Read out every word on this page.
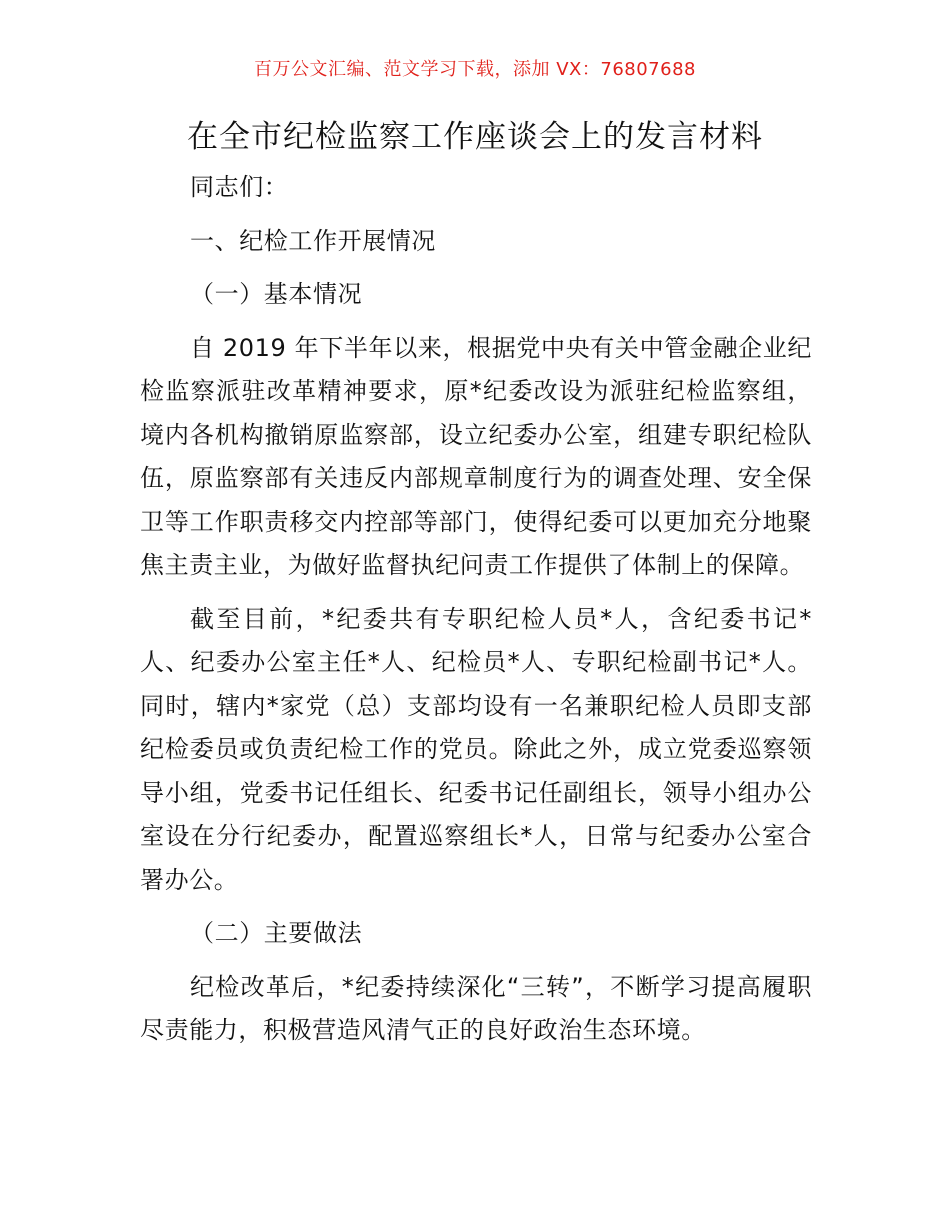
百万公文汇编、范文学习下载，添加 VX：76807688
在全市纪检监察工作座谈会上的发言材料

同志们：

一、纪检工作开展情况

（一）基本情况

自 2019 年下半年以来，根据党中央有关中管金融企业纪检监察派驻改革精神要求，原*纪委改设为派驻纪检监察组，境内各机构撤销原监察部，设立纪委办公室，组建专职纪检队伍，原监察部有关违反内部规章制度行为的调查处理、安全保卫等工作职责移交内控部等部门，使得纪委可以更加充分地聚焦主责主业，为做好监督执纪问责工作提供了体制上的保障。

截至目前，*纪委共有专职纪检人员*人，含纪委书记*人、纪委办公室主任*人、纪检员*人、专职纪检副书记*人。同时，辖内*家党（总）支部均设有一名兼职纪检人员即支部纪检委员或负责纪检工作的党员。除此之外，成立党委巡察领导小组，党委书记任组长、纪委书记任副组长，领导小组办公室设在分行纪委办，配置巡察组长*人，日常与纪委办公室合署办公。

（二）主要做法

纪检改革后，*纪委持续深化“三转”，不断学习提高履职尽责能力，积极营造风清气正的良好政治生态环境。
